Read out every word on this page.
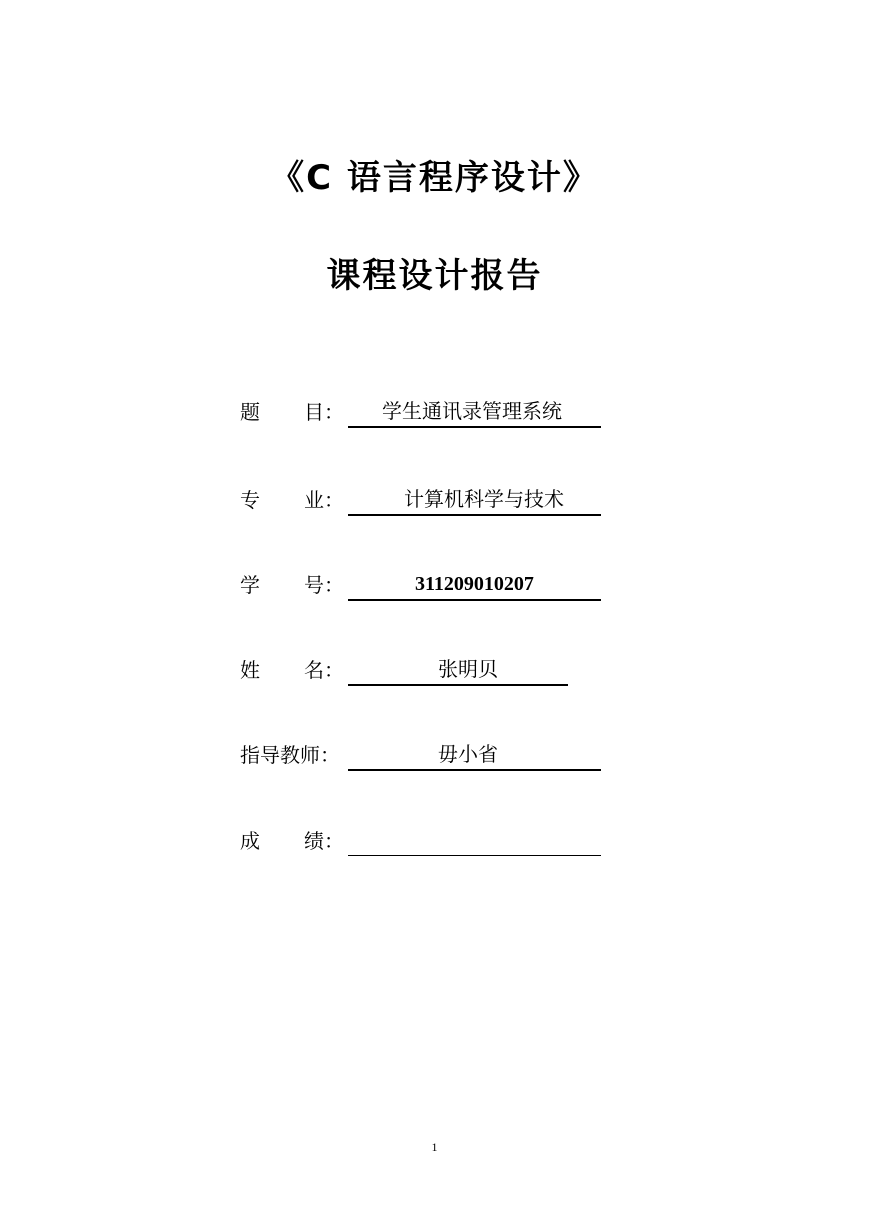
《C 语言程序设计》
课程设计报告
题 目：	学生通讯录管理系统
专 业：	计算机科学与技术
学 号：	311209010207
姓 名：	张明贝
指导教师：	毋小省
成 绩：
1
